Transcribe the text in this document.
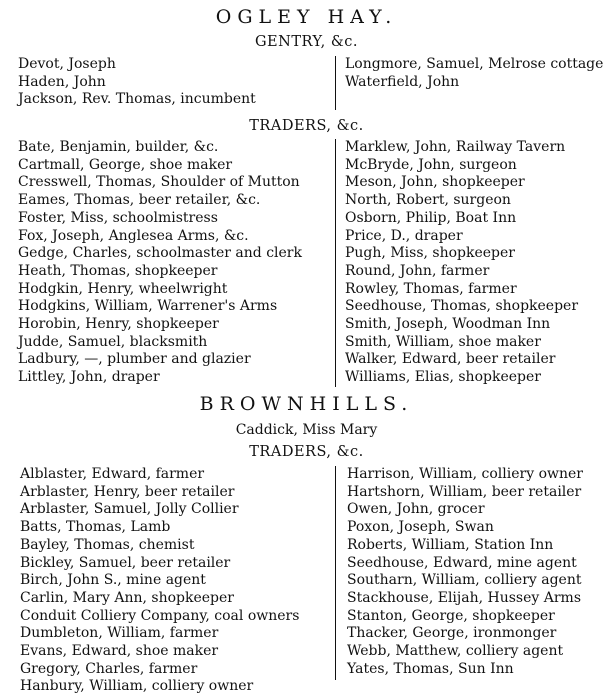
OGLEY HAY.
GENTRY, &c.
Devot, Joseph
Haden, John
Jackson, Rev. Thomas, incumbent
Longmore, Samuel, Melrose cottage
Waterfield, John
TRADERS, &c.
Bate, Benjamin, builder, &c.
Cartmall, George, shoe maker
Cresswell, Thomas, Shoulder of Mutton
Eames, Thomas, beer retailer, &c.
Foster, Miss, schoolmistress
Fox, Joseph, Anglesea Arms, &c.
Gedge, Charles, schoolmaster and clerk
Heath, Thomas, shopkeeper
Hodgkin, Henry, wheelwright
Hodgkins, William, Warrener's Arms
Horobin, Henry, shopkeeper
Judde, Samuel, blacksmith
Ladbury, —, plumber and glazier
Littley, John, draper
Marklew, John, Railway Tavern
McBryde, John, surgeon
Meson, John, shopkeeper
North, Robert, surgeon
Osborn, Philip, Boat Inn
Price, D., draper
Pugh, Miss, shopkeeper
Round, John, farmer
Rowley, Thomas, farmer
Seedhouse, Thomas, shopkeeper
Smith, Joseph, Woodman Inn
Smith, William, shoe maker
Walker, Edward, beer retailer
Williams, Elias, shopkeeper
BROWNHILLS.
Caddick, Miss Mary
TRADERS, &c.
Alblaster, Edward, farmer
Arblaster, Henry, beer retailer
Arblaster, Samuel, Jolly Collier
Batts, Thomas, Lamb
Bayley, Thomas, chemist
Bickley, Samuel, beer retailer
Birch, John S., mine agent
Carlin, Mary Ann, shopkeeper
Conduit Colliery Company, coal owners
Dumbleton, William, farmer
Evans, Edward, shoe maker
Gregory, Charles, farmer
Hanbury, William, colliery owner
Harrison, William, colliery owner
Hartshorn, William, beer retailer
Owen, John, grocer
Poxon, Joseph, Swan
Roberts, William, Station Inn
Seedhouse, Edward, mine agent
Southarn, William, colliery agent
Stackhouse, Elijah, Hussey Arms
Stanton, George, shopkeeper
Thacker, George, ironmonger
Webb, Matthew, colliery agent
Yates, Thomas, Sun Inn
